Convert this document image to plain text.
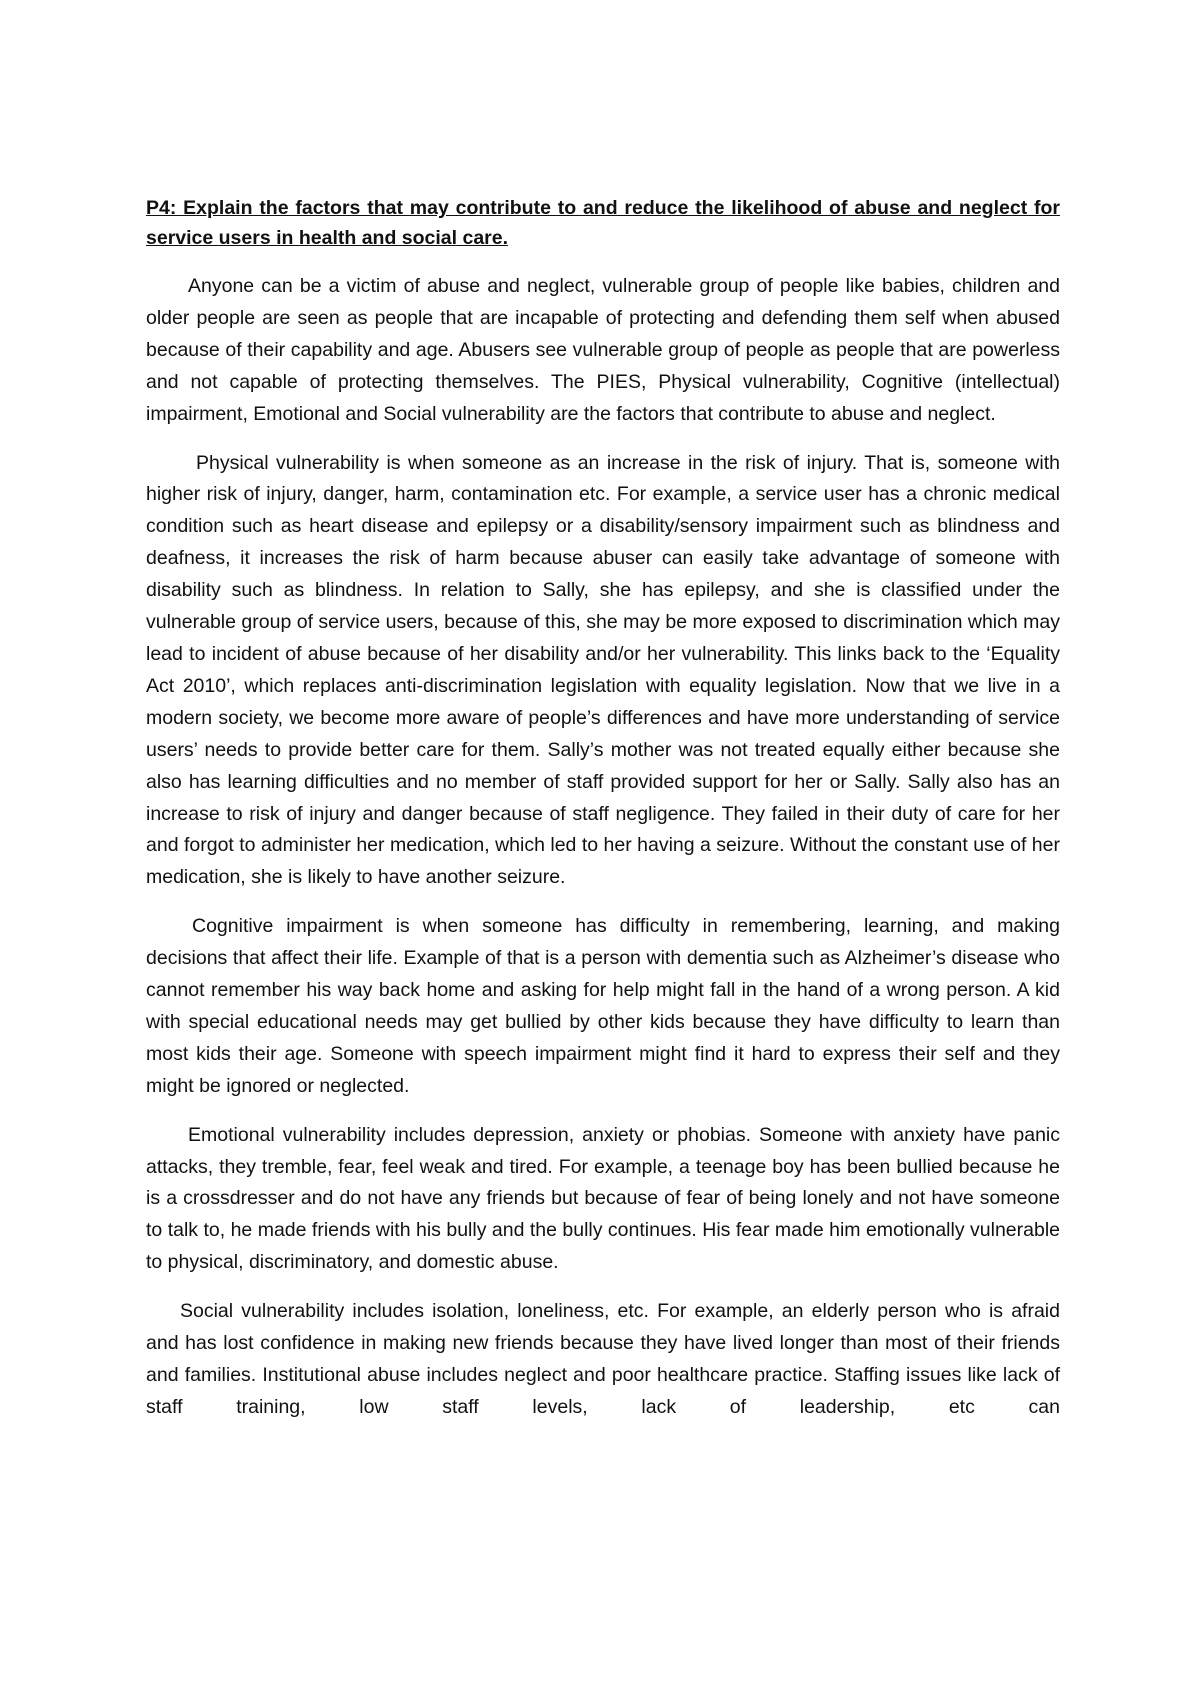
P4: Explain the factors that may contribute to and reduce the likelihood of abuse and neglect for service users in health and social care.

Anyone can be a victim of abuse and neglect, vulnerable group of people like babies, children and older people are seen as people that are incapable of protecting and defending them self when abused because of their capability and age. Abusers see vulnerable group of people as people that are powerless and not capable of protecting themselves. The PIES, Physical vulnerability, Cognitive (intellectual) impairment, Emotional and Social vulnerability are the factors that contribute to abuse and neglect.

Physical vulnerability is when someone as an increase in the risk of injury. That is, someone with higher risk of injury, danger, harm, contamination etc. For example, a service user has a chronic medical condition such as heart disease and epilepsy or a disability/sensory impairment such as blindness and deafness, it increases the risk of harm because abuser can easily take advantage of someone with disability such as blindness. In relation to Sally, she has epilepsy, and she is classified under the vulnerable group of service users, because of this, she may be more exposed to discrimination which may lead to incident of abuse because of her disability and/or her vulnerability. This links back to the ‘Equality Act 2010’, which replaces anti-discrimination legislation with equality legislation. Now that we live in a modern society, we become more aware of people’s differences and have more understanding of service users’ needs to provide better care for them. Sally’s mother was not treated equally either because she also has learning difficulties and no member of staff provided support for her or Sally. Sally also has an increase to risk of injury and danger because of staff negligence. They failed in their duty of care for her and forgot to administer her medication, which led to her having a seizure. Without the constant use of her medication, she is likely to have another seizure.

Cognitive impairment is when someone has difficulty in remembering, learning, and making decisions that affect their life. Example of that is a person with dementia such as Alzheimer’s disease who cannot remember his way back home and asking for help might fall in the hand of a wrong person. A kid with special educational needs may get bullied by other kids because they have difficulty to learn than most kids their age. Someone with speech impairment might find it hard to express their self and they might be ignored or neglected.

Emotional vulnerability includes depression, anxiety or phobias. Someone with anxiety have panic attacks, they tremble, fear, feel weak and tired. For example, a teenage boy has been bullied because he is a crossdresser and do not have any friends but because of fear of being lonely and not have someone to talk to, he made friends with his bully and the bully continues. His fear made him emotionally vulnerable to physical, discriminatory, and domestic abuse.

Social vulnerability includes isolation, loneliness, etc. For example, an elderly person who is afraid and has lost confidence in making new friends because they have lived longer than most of their friends and families. Institutional abuse includes neglect and poor healthcare practice. Staffing issues like lack of staff training, low staff levels, lack of leadership, etc can
